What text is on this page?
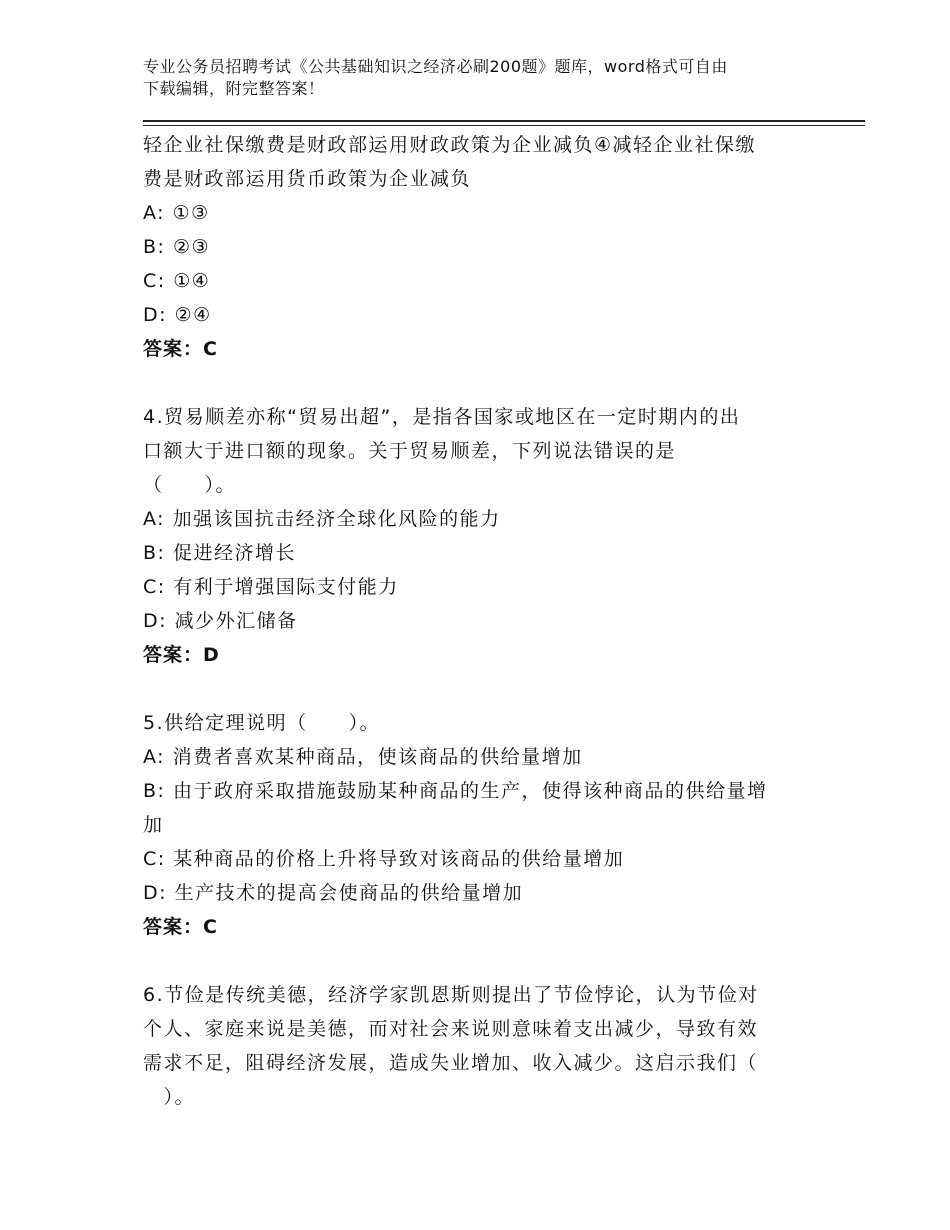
专业公务员招聘考试《公共基础知识之经济必刷200题》题库，word格式可自由
下载编辑，附完整答案！
轻企业社保缴费是财政部运用财政政策为企业减负④减轻企业社保缴
费是财政部运用货币政策为企业减负
A: ①③
B: ②③
C: ①④
D: ②④
答案：C
4.贸易顺差亦称“贸易出超”，是指各国家或地区在一定时期内的出
口额大于进口额的现象。关于贸易顺差，下列说法错误的是
（　　）。
A: 加强该国抗击经济全球化风险的能力
B: 促进经济增长
C: 有利于增强国际支付能力
D: 减少外汇储备
答案：D
5.供给定理说明（　　）。
A: 消费者喜欢某种商品，使该商品的供给量增加
B: 由于政府采取措施鼓励某种商品的生产，使得该种商品的供给量增
加
C: 某种商品的价格上升将导致对该商品的供给量增加
D: 生产技术的提高会使商品的供给量增加
答案：C
6.节俭是传统美德，经济学家凯恩斯则提出了节俭悖论，认为节俭对
个人、家庭来说是美德，而对社会来说则意味着支出减少，导致有效
需求不足，阻碍经济发展，造成失业增加、收入减少。这启示我们（
　）。
